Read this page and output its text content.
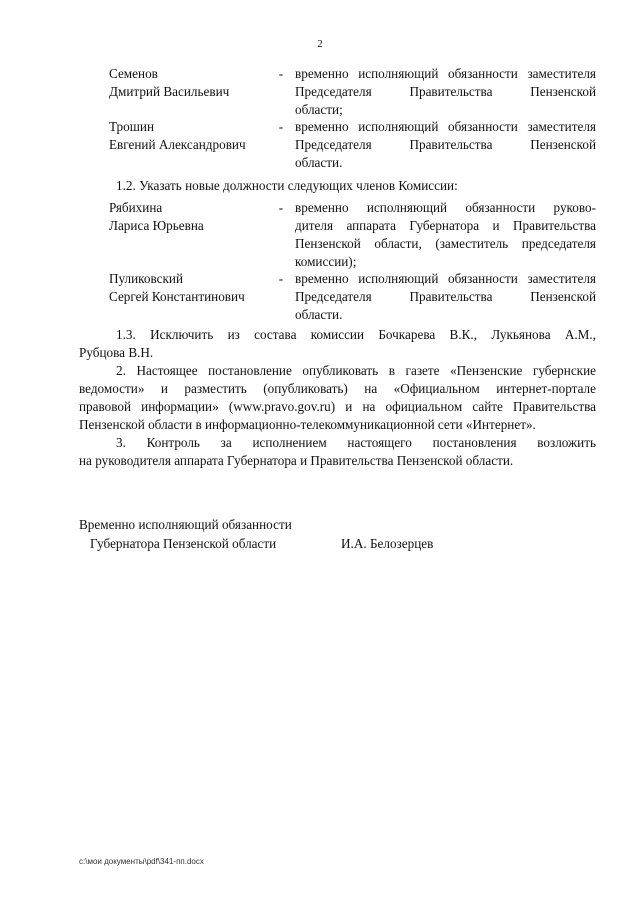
2
Семенов
Дмитрий Васильевич
- временно исполняющий обязанности заместителя
Председателя Правительства Пензенской
области;
Трошин
Евгений Александрович
- временно исполняющий обязанности заместителя
Председателя Правительства Пензенской
области.
1.2. Указать новые должности следующих членов Комиссии:
Рябихина
Лариса Юрьевна
- временно исполняющий обязанности руково-
дителя аппарата Губернатора и Правительства
Пензенской области, (заместитель председателя
комиссии);
Пуликовский
Сергей Константинович
- временно исполняющий обязанности заместителя
Председателя Правительства Пензенской
области.
1.3. Исключить из состава комиссии Бочкарева В.К., Лукьянова А.М.,
Рубцова В.Н.
2. Настоящее постановление опубликовать в газете «Пензенские губернские
ведомости» и разместить (опубликовать) на «Официальном интернет-портале
правовой информации» (www.pravo.gov.ru) и на официальном сайте Правительства
Пензенской области в информационно-телекоммуникационной сети «Интернет».
3. Контроль за исполнением настоящего постановления возложить
на руководителя аппарата Губернатора и Правительства Пензенской области.
Временно исполняющий обязанности
Губернатора Пензенской области	И.А. Белозерцев
c:\мои документы\pdf\341-пп.docx
